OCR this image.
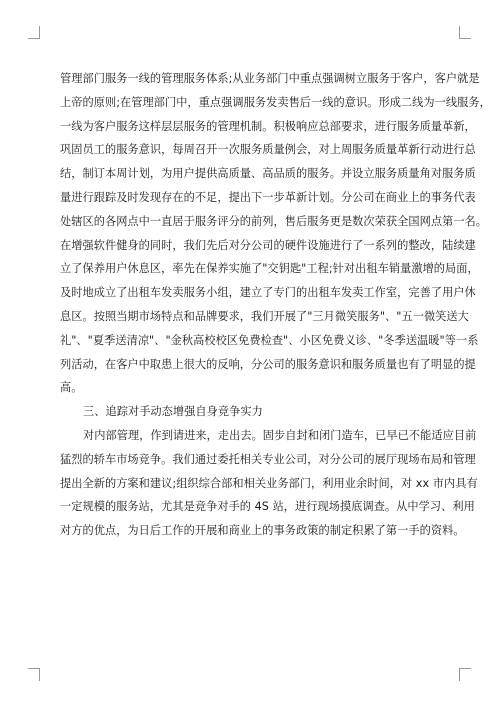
管理部门服务一线的管理服务体系;从业务部门中重点强调树立服务于客户，客户就是
上帝的原则;在管理部门中，重点强调服务发卖售后一线的意识。形成二线为一线服务，
一线为客户服务这样层层服务的管理机制。积极响应总部要求，进行服务质量革新，
巩固员工的服务意识，每周召开一次服务质量例会，对上周服务质量革新行动进行总
结，制订本周计划，为用户提供高质量、高品质的服务。并设立服务质量角对服务质
量进行跟踪及时发现存在的不足，提出下一步革新计划。分公司在商业上的事务代表
处辖区的各网点中一直居于服务评分的前列，售后服务更是数次荣获全国网点第一名。
在增强软件健身的同时，我们先后对分公司的硬件设施进行了一系列的整改，陆续建
立了保养用户休息区，率先在保养实施了"交钥匙"工程;针对出租车销量激增的局面，
及时地成立了出租车发卖服务小组，建立了专门的出租车发卖工作室，完善了用户休
息区。按照当期市场特点和品牌要求，我们开展了"三月微笑服务"、"五一微笑送大
礼"、"夏季送清凉"、"金秋高校校区免费检查"、小区免费义诊、"冬季送温暖"等一系
列活动，在客户中取患上很大的反响，分公司的服务意识和服务质量也有了明显的提
高。
三、追踪对手动态增强自身竞争实力
对内部管理，作到请进来，走出去。固步自封和闭门造车，已早已不能适应目前
猛烈的轿车市场竞争。我们通过委托相关专业公司，对分公司的展厅现场布局和管理
提出全新的方案和建议;组织综合部和相关业务部门，利用业余时间，对 xx 市内具有
一定规模的服务站，尤其是竞争对手的 4S 站，进行现场摸底调查。从中学习、利用
对方的优点，为日后工作的开展和商业上的事务政策的制定积累了第一手的资料。
